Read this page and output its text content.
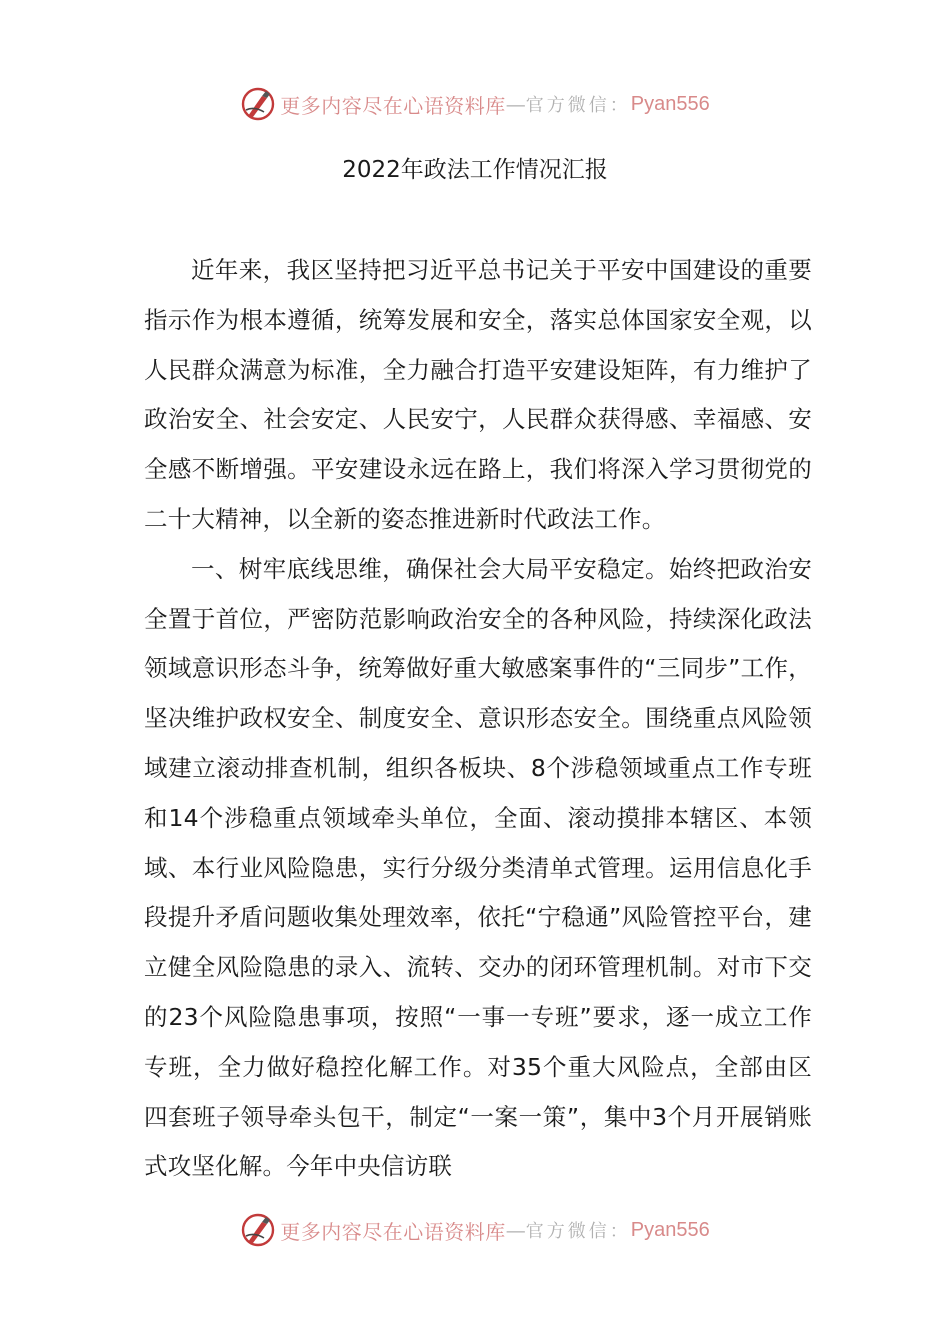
更多内容尽在心语资料库 — 官方微信： Pyan556
2022年政法工作情况汇报

近年来，我区坚持把习近平总书记关于平安中国建设的重要指示作为根本遵循，统筹发展和安全，落实总体国家安全观，以人民群众满意为标准，全力融合打造平安建设矩阵，有力维护了政治安全、社会安定、人民安宁，人民群众获得感、幸福感、安全感不断增强。平安建设永远在路上，我们将深入学习贯彻党的二十大精神，以全新的姿态推进新时代政法工作。

一、树牢底线思维，确保社会大局平安稳定。始终把政治安全置于首位，严密防范影响政治安全的各种风险，持续深化政法领域意识形态斗争，统筹做好重大敏感案事件的“三同步”工作，坚决维护政权安全、制度安全、意识形态安全。围绕重点风险领域建立滚动排查机制，组织各板块、8个涉稳领域重点工作专班和14个涉稳重点领域牵头单位，全面、滚动摸排本辖区、本领域、本行业风险隐患，实行分级分类清单式管理。运用信息化手段提升矛盾问题收集处理效率，依托“宁稳通”风险管控平台，建立健全风险隐患的录入、流转、交办的闭环管理机制。对市下交的23个风险隐患事项，按照“一事一专班”要求，逐一成立工作专班，全力做好稳控化解工作。对35个重大风险点，全部由区四套班子领导牵头包干，制定“一案一策”，集中3个月开展销账式攻坚化解。今年中央信访联

更多内容尽在心语资料库 — 官方微信： Pyan556
